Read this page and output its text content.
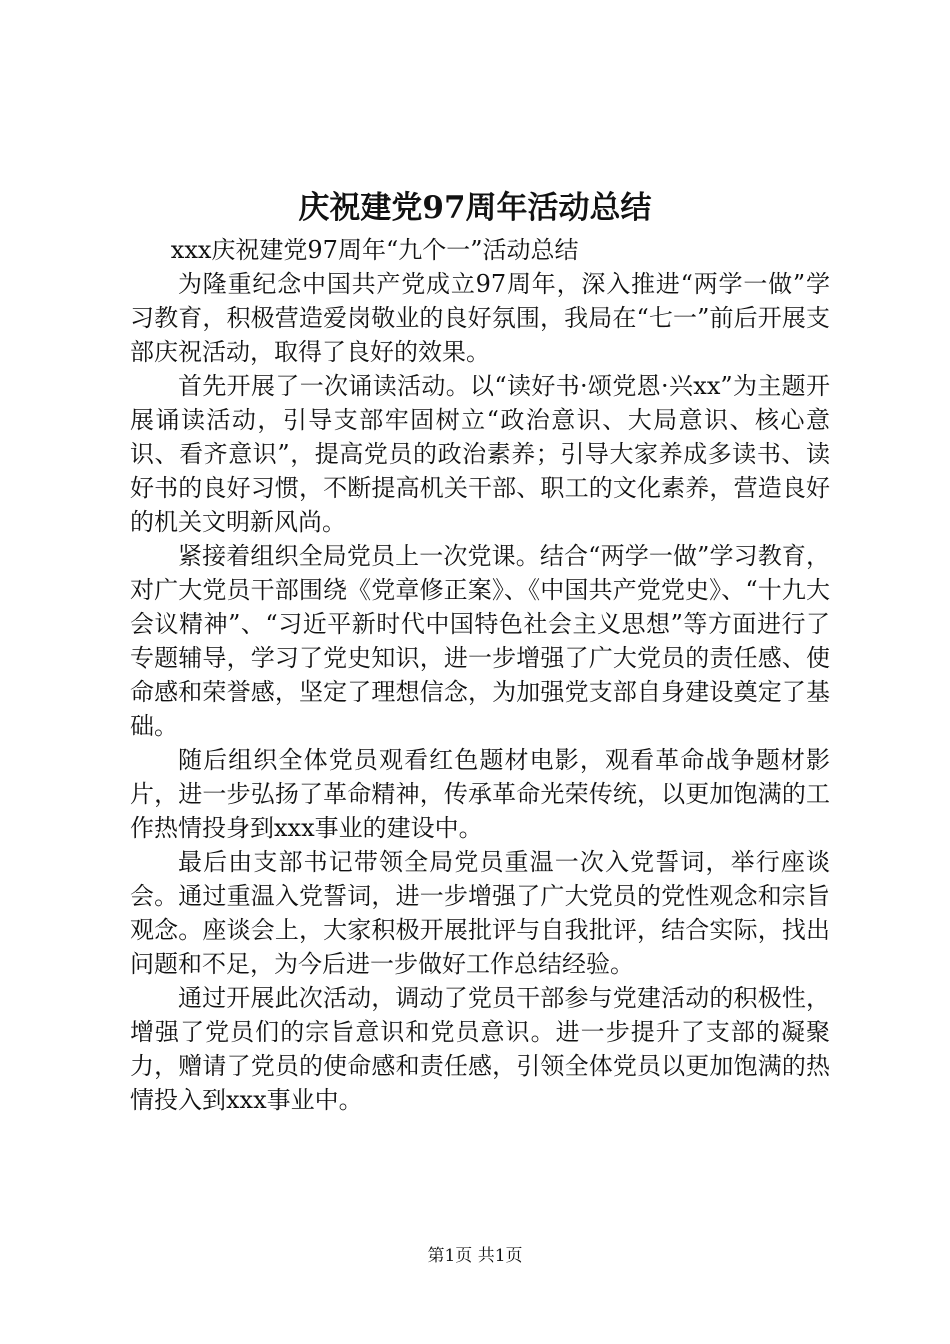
庆祝建党97周年活动总结

xxx庆祝建党97周年“九个一”活动总结

为隆重纪念中国共产党成立97周年，深入推进“两学一做”学习教育，积极营造爱岗敬业的良好氛围，我局在“七一”前后开展支部庆祝活动，取得了良好的效果。

首先开展了一次诵读活动。以“读好书·颂党恩·兴xx”为主题开展诵读活动，引导支部牢固树立“政治意识、大局意识、核心意识、看齐意识”，提高党员的政治素养；引导大家养成多读书、读好书的良好习惯，不断提高机关干部、职工的文化素养，营造良好的机关文明新风尚。

紧接着组织全局党员上一次党课。结合“两学一做”学习教育，对广大党员干部围绕《党章修正案》、《中国共产党党史》、“十九大会议精神”、“习近平新时代中国特色社会主义思想”等方面进行了专题辅导，学习了党史知识，进一步增强了广大党员的责任感、使命感和荣誉感，坚定了理想信念，为加强党支部自身建设奠定了基础。

随后组织全体党员观看红色题材电影，观看革命战争题材影片，进一步弘扬了革命精神，传承革命光荣传统，以更加饱满的工作热情投身到xxx事业的建设中。

最后由支部书记带领全局党员重温一次入党誓词，举行座谈会。通过重温入党誓词，进一步增强了广大党员的党性观念和宗旨观念。座谈会上，大家积极开展批评与自我批评，结合实际，找出问题和不足，为今后进一步做好工作总结经验。

通过开展此次活动，调动了党员干部参与党建活动的积极性，增强了党员们的宗旨意识和党员意识。进一步提升了支部的凝聚力，赠请了党员的使命感和责任感，引领全体党员以更加饱满的热情投入到xxx事业中。

第1页 共1页
